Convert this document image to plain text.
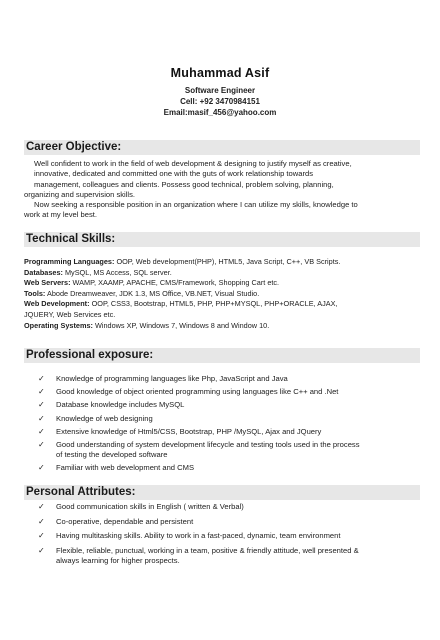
Muhammad Asif
Software Engineer
Cell: +92 3470984151
Email:masif_456@yahoo.com
Career Objective:
Well confident to work in the field of web development & designing to justify myself as creative,
innovative, dedicated and committed one with the guts of work relationship towards
management, colleagues and clients. Possess good technical, problem solving, planning,
organizing and supervision skills.
Now seeking a responsible position in an organization where I can utilize my skills, knowledge to
work at my level best.
Technical Skills:
Programming Languages: OOP, Web development(PHP), HTML5, Java Script, C++, VB Scripts.
Databases: MySQL, MS Access, SQL server.
Web Servers: WAMP, XAAMP, APACHE, CMS/Framework, Shopping Cart etc.
Tools: Abode Dreamweaver, JDK 1.3, MS Office, VB.NET, Visual Studio.
Web Development: OOP, CSS3, Bootstrap, HTML5, PHP, PHP+MYSQL, PHP+ORACLE, AJAX,
JQUERY, Web Services etc.
Operating Systems: Windows XP, Windows 7, Windows 8 and Window 10.
Professional exposure:
✓ Knowledge of programming languages like Php, JavaScript and Java
✓ Good knowledge of object oriented programming using languages like C++ and .Net
✓ Database knowledge includes MySQL
✓ Knowledge of web designing
✓ Extensive knowledge of Html5/CSS, Bootstrap, PHP /MySQL, Ajax and JQuery
✓ Good understanding of system development lifecycle and testing tools used in the process of testing the developed software
✓ Familiar with web development and CMS
Personal Attributes:
✓ Good communication skills in English ( written & Verbal)
✓ Co-operative, dependable and persistent
✓ Having multitasking skills. Ability to work in a fast-paced, dynamic, team environment
✓ Flexible, reliable, punctual, working in a team, positive & friendly attitude, well presented & always learning for higher prospects.
